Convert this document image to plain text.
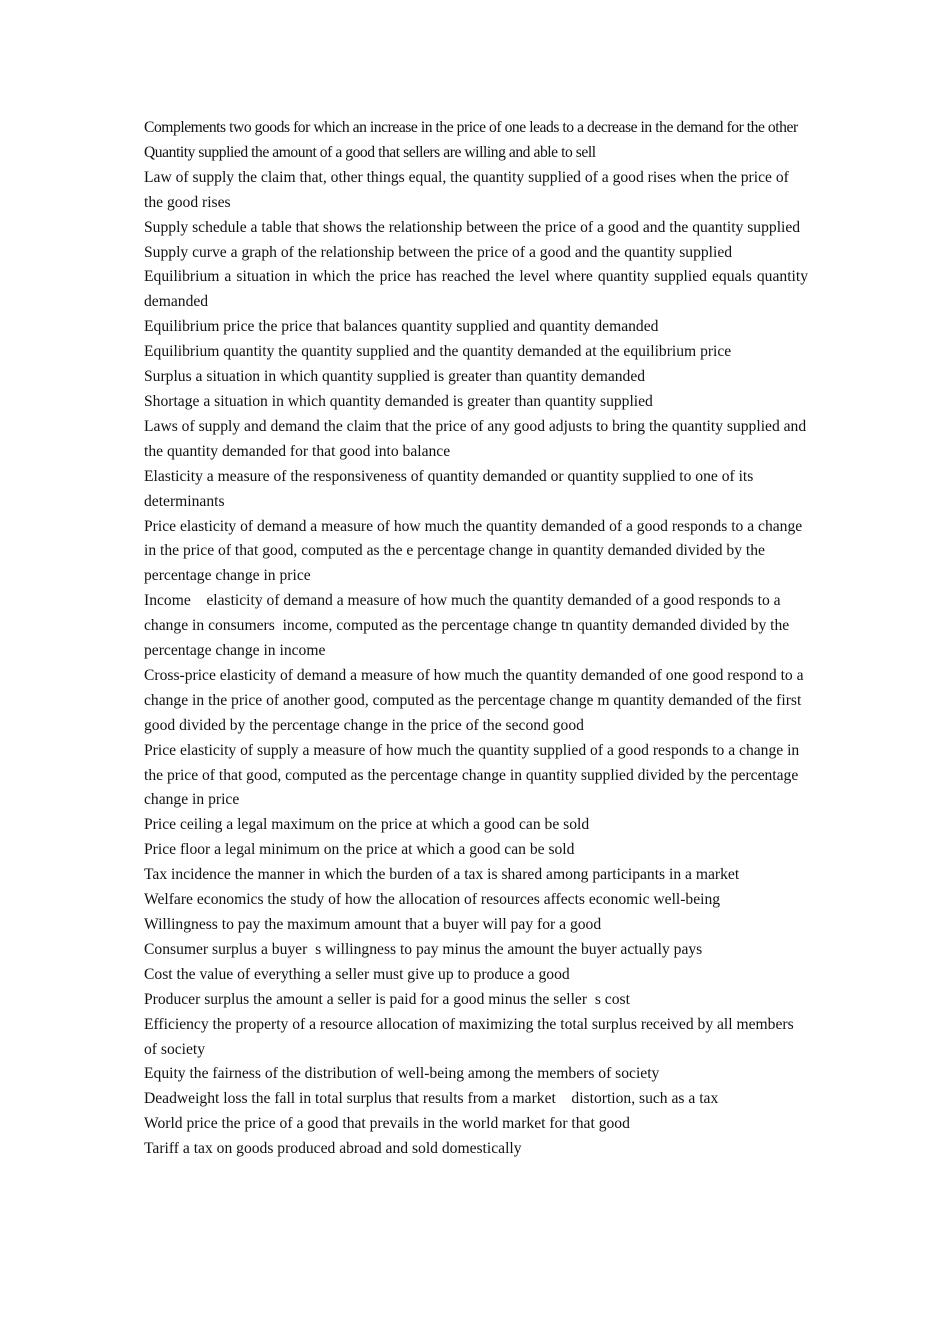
Complements two goods for which an increase in the price of one leads to a decrease in the demand for the other

Quantity supplied the amount of a good that sellers are willing and able to sell

Law of supply the claim that, other things equal, the quantity supplied of a good rises when the price of the good rises

Supply schedule a table that shows the relationship between the price of a good and the quantity supplied

Supply curve a graph of the relationship between the price of a good and the quantity supplied

Equilibrium a situation in which the price has reached the level where quantity supplied equals quantity demanded

Equilibrium price the price that balances quantity supplied and quantity demanded

Equilibrium quantity the quantity supplied and the quantity demanded at the equilibrium price

Surplus a situation in which quantity supplied is greater than quantity demanded

Shortage a situation in which quantity demanded is greater than quantity supplied

Laws of supply and demand the claim that the price of any good adjusts to bring the quantity supplied and the quantity demanded for that good into balance

Elasticity a measure of the responsiveness of quantity demanded or quantity supplied to one of its determinants

Price elasticity of demand a measure of how much the quantity demanded of a good responds to a change in the price of that good, computed as the e percentage change in quantity demanded divided by the percentage change in price

Income    elasticity of demand a measure of how much the quantity demanded of a good responds to a change in consumers  income, computed as the percentage change tn quantity demanded divided by the percentage change in income

Cross-price elasticity of demand a measure of how much the quantity demanded of one good respond to a change in the price of another good, computed as the percentage change m quantity demanded of the first good divided by the percentage change in the price of the second good

Price elasticity of supply a measure of how much the quantity supplied of a good responds to a change in the price of that good, computed as the percentage change in quantity supplied divided by the percentage change in price

Price ceiling a legal maximum on the price at which a good can be sold

Price floor a legal minimum on the price at which a good can be sold

Tax incidence the manner in which the burden of a tax is shared among participants in a market

Welfare economics the study of how the allocation of resources affects economic well-being

Willingness to pay the maximum amount that a buyer will pay for a good

Consumer surplus a buyer  s willingness to pay minus the amount the buyer actually pays

Cost the value of everything a seller must give up to produce a good

Producer surplus the amount a seller is paid for a good minus the seller  s cost

Efficiency the property of a resource allocation of maximizing the total surplus received by all members of society

Equity the fairness of the distribution of well-being among the members of society

Deadweight loss the fall in total surplus that results from a market    distortion, such as a tax

World price the price of a good that prevails in the world market for that good

Tariff a tax on goods produced abroad and sold domestically
